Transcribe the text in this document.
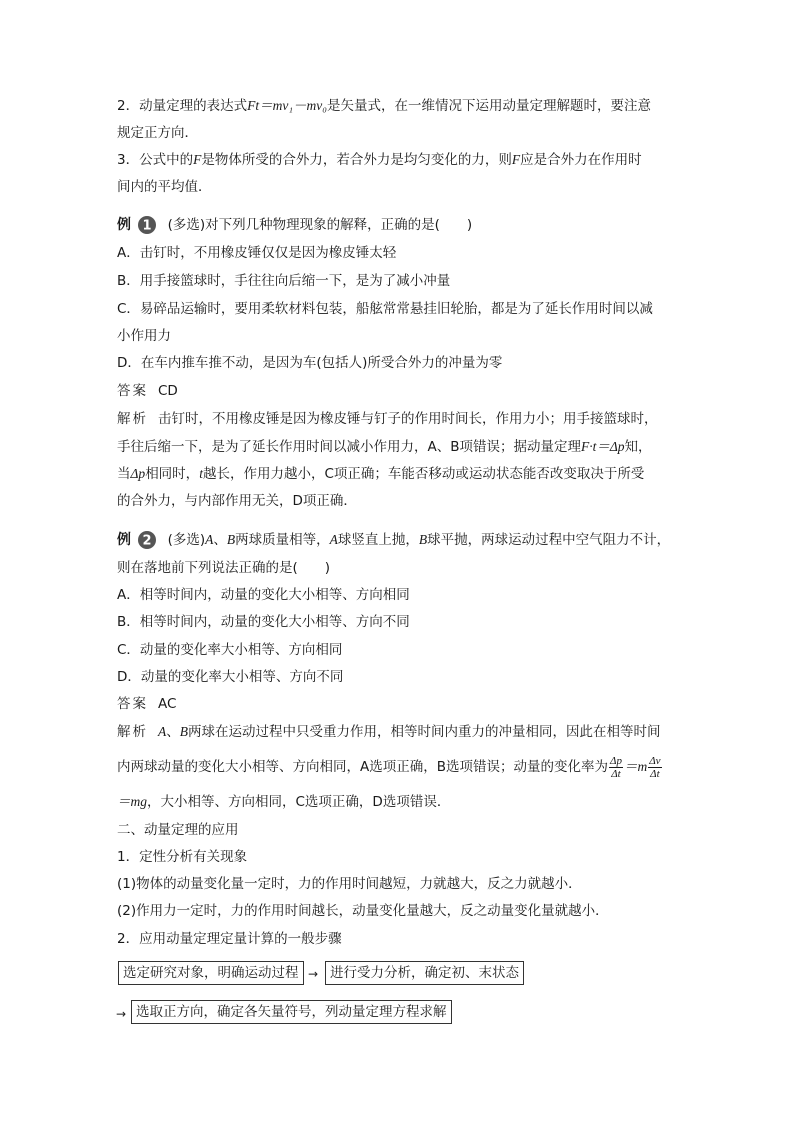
2．动量定理的表达式Ft＝mv₁－mv₀是矢量式，在一维情况下运用动量定理解题时，要注意
规定正方向．
3．公式中的F是物体所受的合外力，若合外力是均匀变化的力，则F应是合外力在作用时
间内的平均值．
例 1 (多选)对下列几种物理现象的解释，正确的是(　　)
A．击钉时，不用橡皮锤仅仅是因为橡皮锤太轻
B．用手接篮球时，手往往向后缩一下，是为了减小冲量
C．易碎品运输时，要用柔软材料包装，船舷常常悬挂旧轮胎，都是为了延长作用时间以减
小作用力
D．在车内推车推不动，是因为车(包括人)所受合外力的冲量为零
答案 CD
解析 击钉时，不用橡皮锤是因为橡皮锤与钉子的作用时间长，作用力小；用手接篮球时，
手往后缩一下，是为了延长作用时间以减小作用力，A、B项错误；据动量定理F·t＝Δp知，
当Δp相同时，t越长，作用力越小，C项正确；车能否移动或运动状态能否改变取决于所受
的合外力，与内部作用无关，D项正确．
例 2 (多选)A、B两球质量相等，A球竖直上抛，B球平抛，两球运动过程中空气阻力不计，
则在落地前下列说法正确的是(　　)
A．相等时间内，动量的变化大小相等、方向相同
B．相等时间内，动量的变化大小相等、方向不同
C．动量的变化率大小相等、方向相同
D．动量的变化率大小相等、方向不同
答案 AC
解析 A、B两球在运动过程中只受重力作用，相等时间内重力的冲量相同，因此在相等时间
内两球动量的变化大小相等、方向相同，A选项正确，B选项错误；动量的变化率为 $\frac{\Delta p}{\Delta t} =m \frac{\Delta v}{\Delta t}$
＝mg，大小相等、方向相同，C选项正确，D选项错误．
二、动量定理的应用
1．定性分析有关现象
(1)物体的动量变化量一定时，力的作用时间越短，力就越大，反之力就越小．
(2)作用力一定时，力的作用时间越长，动量变化量越大，反之动量变化量就越小．
2．应用动量定理定量计算的一般步骤
选定研究对象，明确运动过程 → 进行受力分析，确定初、末状态
→ 选取正方向，确定各矢量符号，列动量定理方程求解
